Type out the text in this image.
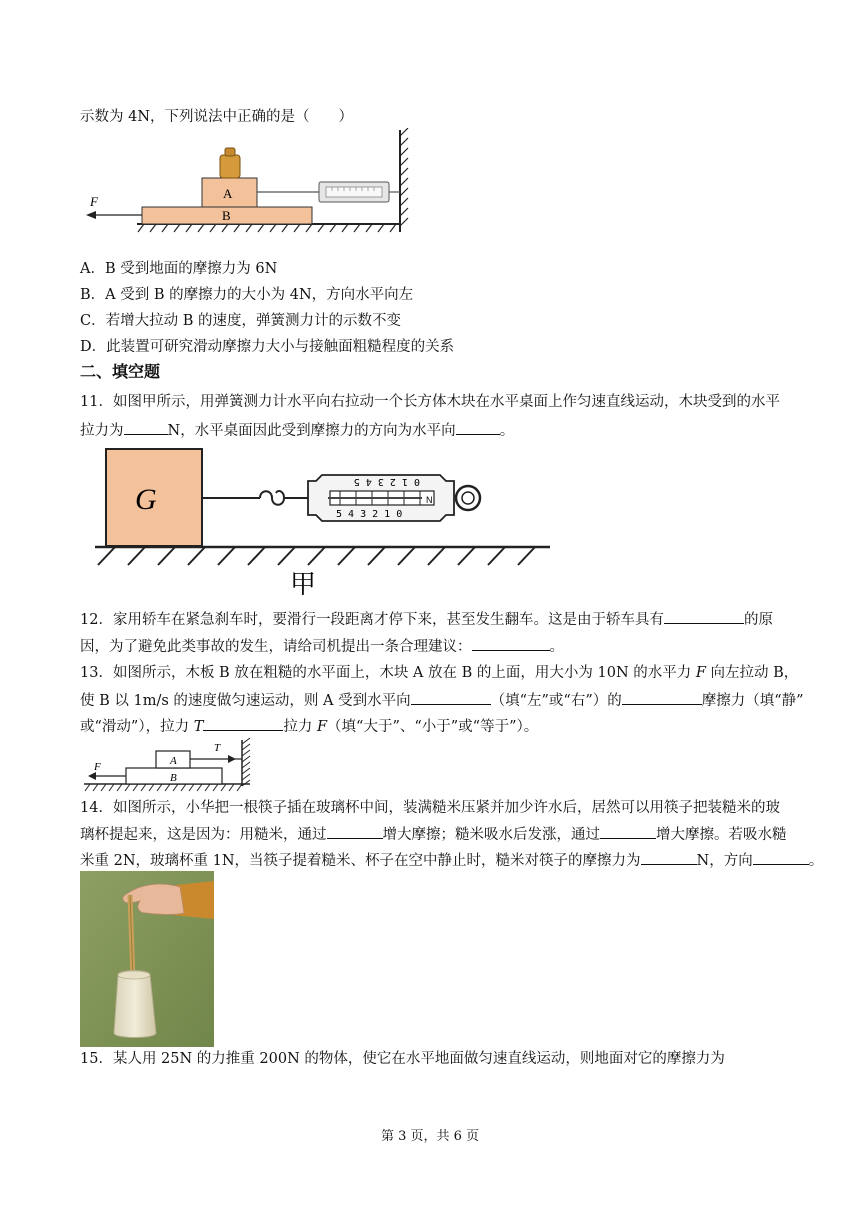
示数为 4N，下列说法中正确的是（　　）
F
A
B
A．B 受到地面的摩擦力为 6N
B．A 受到 B 的摩擦力的大小为 4N，方向水平向左
C．若增大拉动 B 的速度，弹簧测力计的示数不变
D．此装置可研究滑动摩擦力大小与接触面粗糙程度的关系
二、填空题
11．如图甲所示，用弹簧测力计水平向右拉动一个长方体木块在水平桌面上作匀速直线运动，木块受到的水平
拉力为	N，水平桌面因此受到摩擦力的方向为水平向	。
G
0 1 2 3 4 5
5 4 3 2 1 0
N
甲
12．家用轿车在紧急刹车时，要滑行一段距离才停下来，甚至发生翻车。这是由于轿车具有	的原
因，为了避免此类事故的发生，请给司机提出一条合理建议：	。
13．如图所示，木板 B 放在粗糙的水平面上，木块 A 放在 B 的上面，用大小为 10N 的水平力 F 向左拉动 B，
使 B 以 1m/s 的速度做匀速运动，则 A 受到水平向	（填“左”或“右”）的	摩擦力（填“静”
或“滑动”），拉力 T	拉力 F（填“大于”、“小于”或“等于”）。
A
B
T
F
14．如图所示，小华把一根筷子插在玻璃杯中间，装满糙米压紧并加少许水后，居然可以用筷子把装糙米的玻
璃杯提起来，这是因为：用糙米，通过	增大摩擦；糙米吸水后发涨，通过	增大摩擦。若吸水糙
米重 2N，玻璃杯重 1N，当筷子提着糙米、杯子在空中静止时，糙米对筷子的摩擦力为	N，方向	。
15．某人用 25N 的力推重 200N 的物体，使它在水平地面做匀速直线运动，则地面对它的摩擦力为
第 3 页，共 6 页
